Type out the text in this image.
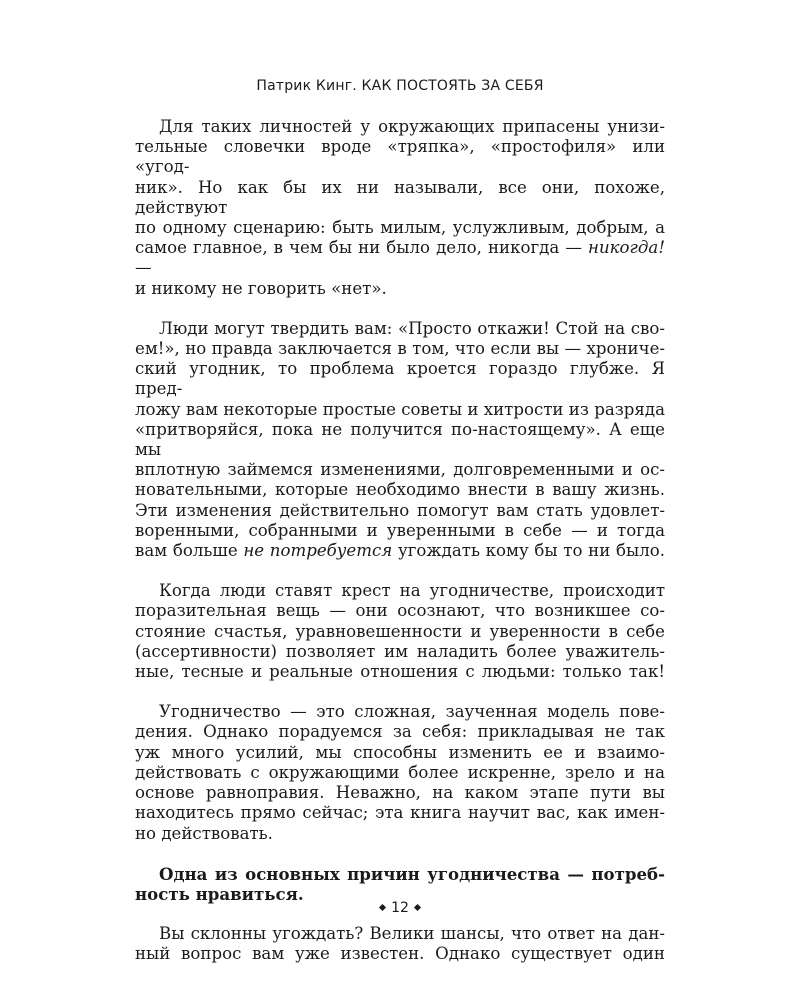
Патрик Кинг. КАК ПОСТОЯТЬ ЗА СЕБЯ
Для таких личностей у окружающих припасены унизи-
тельные словечки вроде «тряпка», «простофиля» или «угод-
ник». Но как бы их ни называли, все они, похоже, действуют
по одному сценарию: быть милым, услужливым, добрым, а
самое главное, в чем бы ни было дело, никогда — никогда! —
и никому не говорить «нет».
Люди могут твердить вам: «Просто откажи! Стой на сво-
ем!», но правда заключается в том, что если вы — хрониче-
ский угодник, то проблема кроется гораздо глубже. Я пред-
ложу вам некоторые простые советы и хитрости из разряда
«притворяйся, пока не получится по-настоящему». А еще мы
вплотную займемся изменениями, долговременными и ос-
новательными, которые необходимо внести в вашу жизнь.
Эти изменения действительно помогут вам стать удовлет-
воренными, собранными и уверенными в себе — и тогда
вам больше не потребуется угождать кому бы то ни было.
Когда люди ставят крест на угодничестве, происходит
поразительная вещь — они осознают, что возникшее со-
стояние счастья, уравновешенности и уверенности в себе
(ассертивности) позволяет им наладить более уважитель-
ные, тесные и реальные отношения с людьми: только так!
Угодничество — это сложная, заученная модель пове-
дения. Однако порадуемся за себя: прикладывая не так
уж много усилий, мы способны изменить ее и взаимо-
действовать с окружающими более искренне, зрело и на
основе равноправия. Неважно, на каком этапе пути вы
находитесь прямо сейчас; эта книга научит вас, как имен-
но действовать.
Одна из основных причин угодничества — потреб-
ность нравиться.
Вы склонны угождать? Велики шансы, что ответ на дан-
ный вопрос вам уже известен. Однако существует один
12
